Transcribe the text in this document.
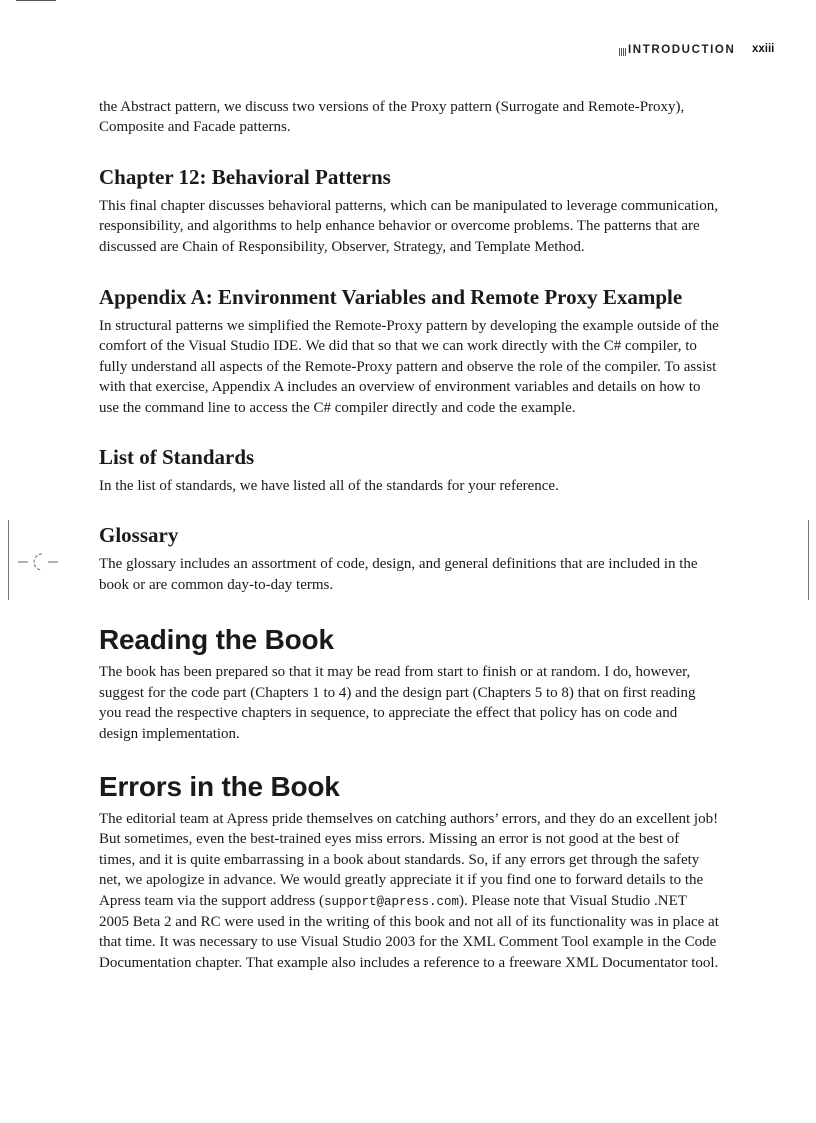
INTRODUCTION xxiii

the Abstract pattern, we discuss two versions of the Proxy pattern (Surrogate and Remote-Proxy), Composite and Facade patterns.

Chapter 12: Behavioral Patterns

This final chapter discusses behavioral patterns, which can be manipulated to leverage communication, responsibility, and algorithms to help enhance behavior or overcome problems. The patterns that are discussed are Chain of Responsibility, Observer, Strategy, and Template Method.

Appendix A: Environment Variables and Remote Proxy Example

In structural patterns we simplified the Remote-Proxy pattern by developing the example outside of the comfort of the Visual Studio IDE. We did that so that we can work directly with the C# compiler, to fully understand all aspects of the Remote-Proxy pattern and observe the role of the compiler. To assist with that exercise, Appendix A includes an overview of environment variables and details on how to use the command line to access the C# compiler directly and code the example.

List of Standards

In the list of standards, we have listed all of the standards for your reference.

Glossary

The glossary includes an assortment of code, design, and general definitions that are included in the book or are common day-to-day terms.

Reading the Book

The book has been prepared so that it may be read from start to finish or at random. I do, however, suggest for the code part (Chapters 1 to 4) and the design part (Chapters 5 to 8) that on first reading you read the respective chapters in sequence, to appreciate the effect that policy has on code and design implementation.

Errors in the Book

The editorial team at Apress pride themselves on catching authors’ errors, and they do an excellent job! But sometimes, even the best-trained eyes miss errors. Missing an error is not good at the best of times, and it is quite embarrassing in a book about standards. So, if any errors get through the safety net, we apologize in advance. We would greatly appreciate it if you find one to forward details to the Apress team via the support address (support@apress.com). Please note that Visual Studio .NET 2005 Beta 2 and RC were used in the writing of this book and not all of its functionality was in place at that time. It was necessary to use Visual Studio 2003 for the XML Comment Tool example in the Code Documentation chapter. That example also includes a reference to a freeware XML Documentator tool.
